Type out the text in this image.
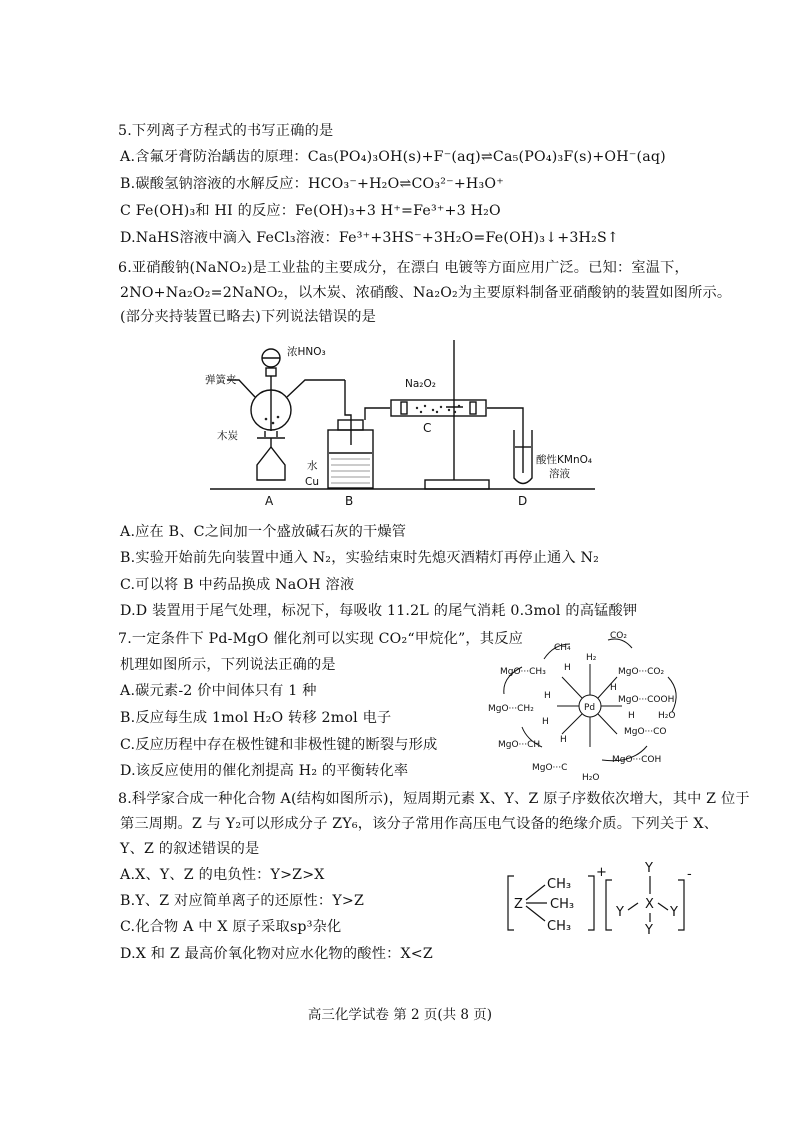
5.下列离子方程式的书写正确的是
A.含氟牙膏防治龋齿的原理：Ca₅(PO₄)₃OH(s)+F⁻(aq)⇌Ca₅(PO₄)₃F(s)+OH⁻(aq)
B.碳酸氢钠溶液的水解反应：HCO₃⁻+H₂O⇌CO₃²⁻+H₃O⁺
C Fe(OH)₃和 HI 的反应：Fe(OH)₃+3 H⁺=Fe³⁺+3 H₂O
D.NaHS溶液中滴入 FeCl₃溶液：Fe³⁺+3HS⁻+3H₂O=Fe(OH)₃↓+3H₂S↑
6.亚硝酸钠(NaNO₂)是工业盐的主要成分，在漂白 电镀等方面应用广泛。已知：室温下，
2NO+Na₂O₂=2NaNO₂，以木炭、浓硝酸、Na₂O₂为主要原料制备亚硝酸钠的装置如图所示。
(部分夹持装置已略去)下列说法错误的是
浓HNO₃
弹簧夹
木炭
水
Cu
Na₂O₂
C
酸性KMnO₄
溶液
A	B	D
A.应在 B、C之间加一个盛放碱石灰的干燥管
B.实验开始前先向装置中通入 N₂，实验结束时先熄灭酒精灯再停止通入 N₂
C.可以将 B 中药品换成 NaOH 溶液
D.D 装置用于尾气处理，标况下，每吸收 11.2L 的尾气消耗 0.3mol 的高锰酸钾
7.一定条件下 Pd-MgO 催化剂可以实现 CO₂“甲烷化”，其反应
机理如图所示，下列说法正确的是
A.碳元素-2 价中间体只有 1 种
B.反应每生成 1mol H₂O 转移 2mol 电子
C.反应历程中存在极性键和非极性键的断裂与形成
D.该反应使用的催化剂提高 H₂ 的平衡转化率
CH₄
CO₂
H₂
Pd
MgO···CH₃
MgO···CH₂
MgO···CH
MgO···C
MgO···CO₂
MgO···COOH
MgO···CO
MgO···COH
H₂O
H₂O
H
H
H
H
H
H
8.科学家合成一种化合物 A(结构如图所示)，短周期元素 X、Y、Z 原子序数依次增大，其中 Z 位于
第三周期。Z 与 Y₂可以形成分子 ZY₆，该分子常用作高压电气设备的绝缘介质。下列关于 X、
Y、Z 的叙述错误的是
A.X、Y、Z 的电负性：Y>Z>X
B.Y、Z 对应简单离子的还原性：Y>Z
C.化合物 A 中 X 原子采取sp³杂化
D.X 和 Z 最高价氧化物对应水化物的酸性：X<Z
Z
CH₃
CH₃
CH₃
+	Y
X
Y	Y
Y
-
高三化学试卷 第 2 页(共 8 页)
